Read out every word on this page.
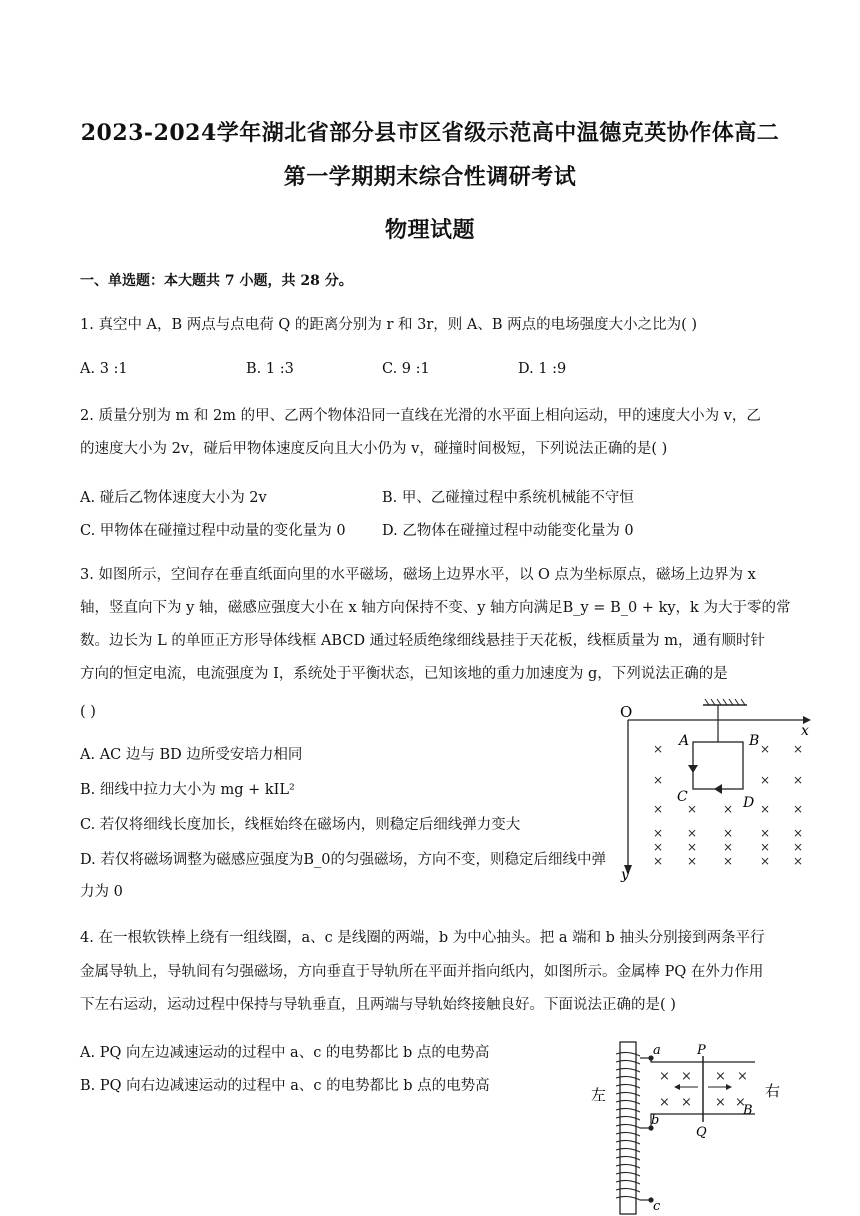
2023-2024学年湖北省部分县市区省级示范高中温德克英协作体高二
第一学期期末综合性调研考试
物理试题
一、单选题：本大题共 7 小题，共 28 分。
1. 真空中 A，B 两点与点电荷 Q 的距离分别为 r 和 3r，则 A、B 两点的电场强度大小之比为( )
A. 3 :1	B. 1 :3	C. 9 :1	D. 1 :9
2. 质量分别为 m 和 2m 的甲、乙两个物体沿同一直线在光滑的水平面上相向运动，甲的速度大小为 v，乙
的速度大小为 2v，碰后甲物体速度反向且大小仍为 v，碰撞时间极短，下列说法正确的是( )
A. 碰后乙物体速度大小为 2v	B. 甲、乙碰撞过程中系统机械能不守恒
C. 甲物体在碰撞过程中动量的变化量为 0	D. 乙物体在碰撞过程中动能变化量为 0
3. 如图所示，空间存在垂直纸面向里的水平磁场，磁场上边界水平，以 O 点为坐标原点，磁场上边界为 x
轴，竖直向下为 y 轴，磁感应强度大小在 x 轴方向保持不变、y 轴方向满足B_y = B_0 + ky，k 为大于零的常
数。边长为 L 的单匝正方形导体线框 ABCD 通过轻质绝缘细线悬挂于天花板，线框质量为 m，通有顺时针
方向的恒定电流，电流强度为 I，系统处于平衡状态，已知该地的重力加速度为 g，下列说法正确的是
( )
A. AC 边与 BD 边所受安培力相同
B. 细线中拉力大小为 mg + kIL²
C. 若仅将细线长度加长，线框始终在磁场内，则稳定后细线弹力变大
D. 若仅将磁场调整为磁感应强度为B_0的匀强磁场，方向不变，则稳定后细线中弹
力为 0
O
x
y
A	B
C	D
×	× ×
×	× ×
× × × × ×
× × × × ×
× × × × ×
× × × × ×
4. 在一根软铁棒上绕有一组线圈，a、c 是线圈的两端，b 为中心抽头。把 a 端和 b 抽头分别接到两条平行
金属导轨上，导轨间有匀强磁场，方向垂直于导轨所在平面并指向纸内，如图所示。金属棒 PQ 在外力作用
下左右运动，运动过程中保持与导轨垂直，且两端与导轨始终接触良好。下面说法正确的是( )
A. PQ 向左边减速运动的过程中 a、c 的电势都比 b 点的电势高
B. PQ 向右边减速运动的过程中 a、c 的电势都比 b 点的电势高
a
b
c
P
Q
× × × ×
× × × ×
B
左	右
